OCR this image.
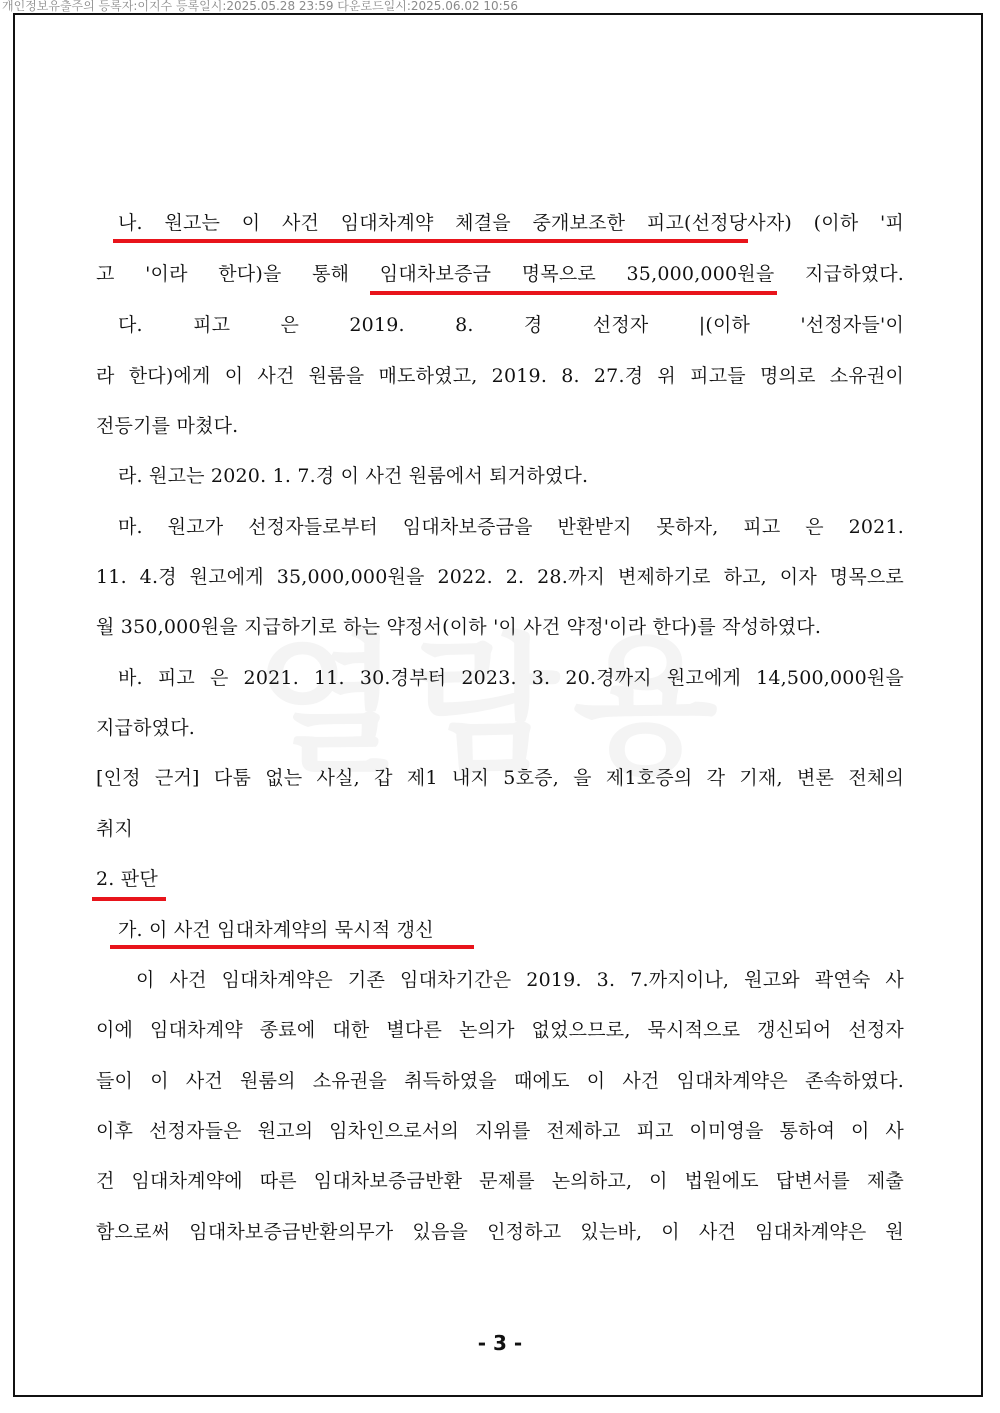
개인정보유출주의 등록자:이지수 등록일시:2025.05.28 23:59 다운로드일시:2025.06.02 10:56
나. 원고는 이 사건 임대차계약 체결을 중개보조한 피고(선정당사자) (이하 '피
고 '이라 한다)을 통해 임대차보증금 명목으로 35,000,000원을 지급하였다.
다. 피고 은 2019. 8. 경 선정자 |(이하 '선정자들'이
라 한다)에게 이 사건 원룸을 매도하였고, 2019. 8. 27.경 위 피고들 명의로 소유권이
전등기를 마쳤다.
라. 원고는 2020. 1. 7.경 이 사건 원룸에서 퇴거하였다.
마. 원고가 선정자들로부터 임대차보증금을 반환받지 못하자, 피고 은 2021.
11. 4.경 원고에게 35,000,000원을 2022. 2. 28.까지 변제하기로 하고, 이자 명목으로
월 350,000원을 지급하기로 하는 약정서(이하 '이 사건 약정'이라 한다)를 작성하였다.
바. 피고 은 2021. 11. 30.경부터 2023. 3. 20.경까지 원고에게 14,500,000원을
지급하였다.
[인정 근거] 다툼 없는 사실, 갑 제1 내지 5호증, 을 제1호증의 각 기재, 변론 전체의
취지
2. 판단
가. 이 사건 임대차계약의 묵시적 갱신
이 사건 임대차계약은 기존 임대차기간은 2019. 3. 7.까지이나, 원고와 곽연숙 사
이에 임대차계약 종료에 대한 별다른 논의가 없었으므로, 묵시적으로 갱신되어 선정자
들이 이 사건 원룸의 소유권을 취득하였을 때에도 이 사건 임대차계약은 존속하였다.
이후 선정자들은 원고의 임차인으로서의 지위를 전제하고 피고 이미영을 통하여 이 사
건 임대차계약에 따른 임대차보증금반환 문제를 논의하고, 이 법원에도 답변서를 제출
함으로써 임대차보증금반환의무가 있음을 인정하고 있는바, 이 사건 임대차계약은 원
- 3 -
